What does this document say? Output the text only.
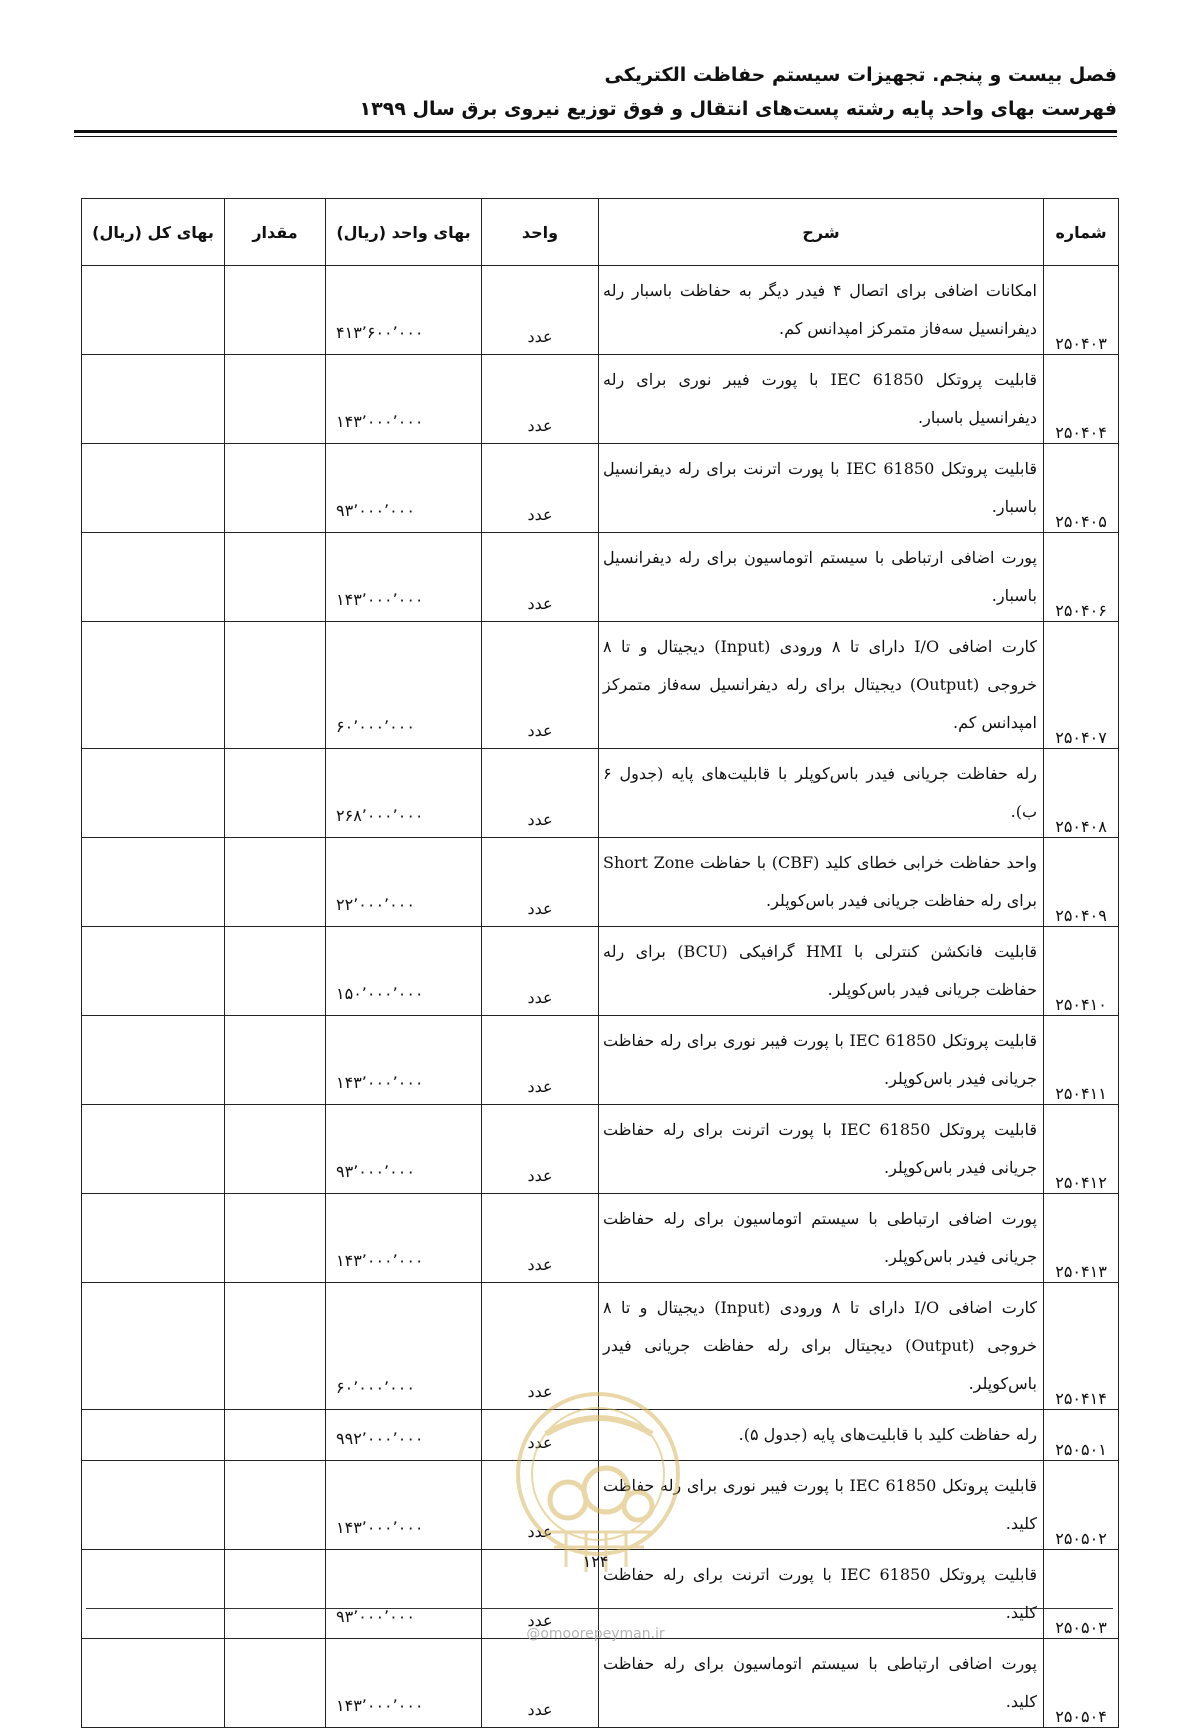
فصل بیست و پنجم. تجهیزات سیستم حفاظت الکتریکی
فهرست بهای واحد پایه رشته پست‌های انتقال و فوق توزیع نیروی برق سال ۱۳۹۹
شماره	شرح	واحد	بهای واحد (ریال)	مقدار	بهای کل (ریال)
۲۵۰۴۰۳	امکانات اضافی برای اتصال ۴ فیدر دیگر به حفاظت باسبار رله دیفرانسیل سه‌فاز متمرکز امپدانس کم.	عدد	۴۱۳٬۶۰۰٬۰۰۰		
۲۵۰۴۰۴	قابلیت پروتکل IEC 61850 با پورت فیبر نوری برای رله دیفرانسیل باسبار.	عدد	۱۴۳٬۰۰۰٬۰۰۰		
۲۵۰۴۰۵	قابلیت پروتکل IEC 61850 با پورت اترنت برای رله دیفرانسیل باسبار.	عدد	۹۳٬۰۰۰٬۰۰۰		
۲۵۰۴۰۶	پورت اضافی ارتباطی با سیستم اتوماسیون برای رله دیفرانسیل باسبار.	عدد	۱۴۳٬۰۰۰٬۰۰۰		
۲۵۰۴۰۷	کارت اضافی I/O دارای تا ۸ ورودی (Input) دیجیتال و تا ۸ خروجی (Output) دیجیتال برای رله دیفرانسیل سه‌فاز متمرکز امپدانس کم.	عدد	۶۰٬۰۰۰٬۰۰۰		
۲۵۰۴۰۸	رله حفاظت جریانی فیدر باس‌کوپلر با قابلیت‌های پایه (جدول ۶ ب).	عدد	۲۶۸٬۰۰۰٬۰۰۰		
۲۵۰۴۰۹	واحد حفاظت خرابی خطای کلید (CBF) با حفاظت Short Zone برای رله حفاظت جریانی فیدر باس‌کوپلر.	عدد	۲۲٬۰۰۰٬۰۰۰		
۲۵۰۴۱۰	قابلیت فانکشن کنترلی با HMI گرافیکی (BCU) برای رله حفاظت جریانی فیدر باس‌کوپلر.	عدد	۱۵۰٬۰۰۰٬۰۰۰		
۲۵۰۴۱۱	قابلیت پروتکل IEC 61850 با پورت فیبر نوری برای رله حفاظت جریانی فیدر باس‌کوپلر.	عدد	۱۴۳٬۰۰۰٬۰۰۰		
۲۵۰۴۱۲	قابلیت پروتکل IEC 61850 با پورت اترنت برای رله حفاظت جریانی فیدر باس‌کوپلر.	عدد	۹۳٬۰۰۰٬۰۰۰		
۲۵۰۴۱۳	پورت اضافی ارتباطی با سیستم اتوماسیون برای رله حفاظت جریانی فیدر باس‌کوپلر.	عدد	۱۴۳٬۰۰۰٬۰۰۰		
۲۵۰۴۱۴	کارت اضافی I/O دارای تا ۸ ورودی (Input) دیجیتال و تا ۸ خروجی (Output) دیجیتال برای رله حفاظت جریانی فیدر باس‌کوپلر.	عدد	۶۰٬۰۰۰٬۰۰۰		
۲۵۰۵۰۱	رله حفاظت کلید با قابلیت‌های پایه (جدول ۵).	عدد	۹۹۲٬۰۰۰٬۰۰۰		
۲۵۰۵۰۲	قابلیت پروتکل IEC 61850 با پورت فیبر نوری برای رله حفاظت کلید.	عدد	۱۴۳٬۰۰۰٬۰۰۰		
۲۵۰۵۰۳	قابلیت پروتکل IEC 61850 با پورت اترنت برای رله حفاظت کلید.	عدد	۹۳٬۰۰۰٬۰۰۰		
۲۵۰۵۰۴	پورت اضافی ارتباطی با سیستم اتوماسیون برای رله حفاظت کلید.	عدد	۱۴۳٬۰۰۰٬۰۰۰		
۱۲۴
@omoorepeyman.ir
